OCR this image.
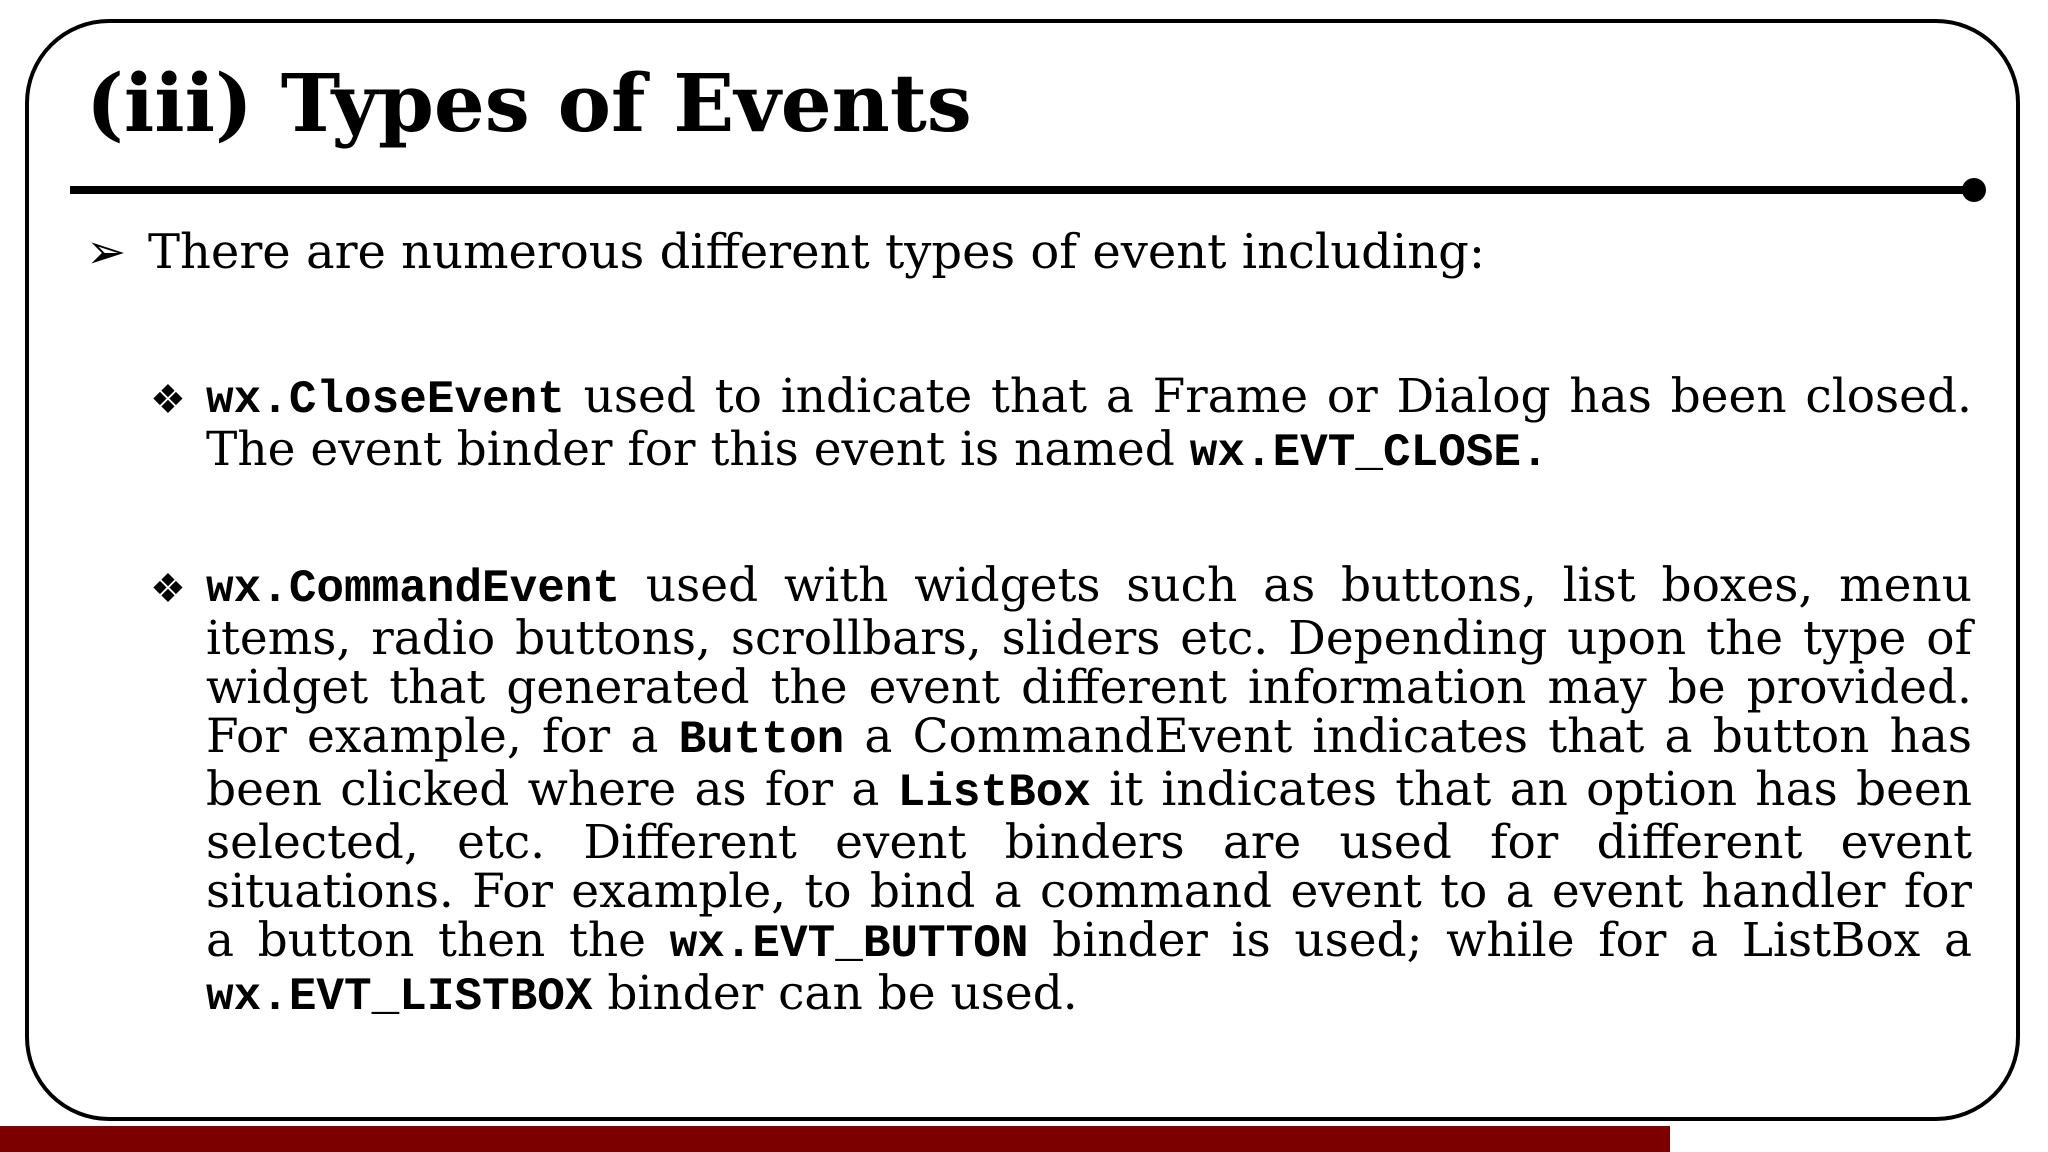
(iii) Types of Events
➢ There are numerous different types of event including:
❖ wx.CloseEvent used to indicate that a Frame or Dialog has been closed. The event binder for this event is named wx.EVT_CLOSE.
❖ wx.CommandEvent used with widgets such as buttons, list boxes, menu items, radio buttons, scrollbars, sliders etc. Depending upon the type of widget that generated the event different information may be provided. For example, for a Button a CommandEvent indicates that a button has been clicked where as for a ListBox it indicates that an option has been selected, etc. Different event binders are used for different event situations. For example, to bind a command event to a event handler for a button then the wx.EVT_BUTTON binder is used; while for a ListBox a wx.EVT_LISTBOX binder can be used.
